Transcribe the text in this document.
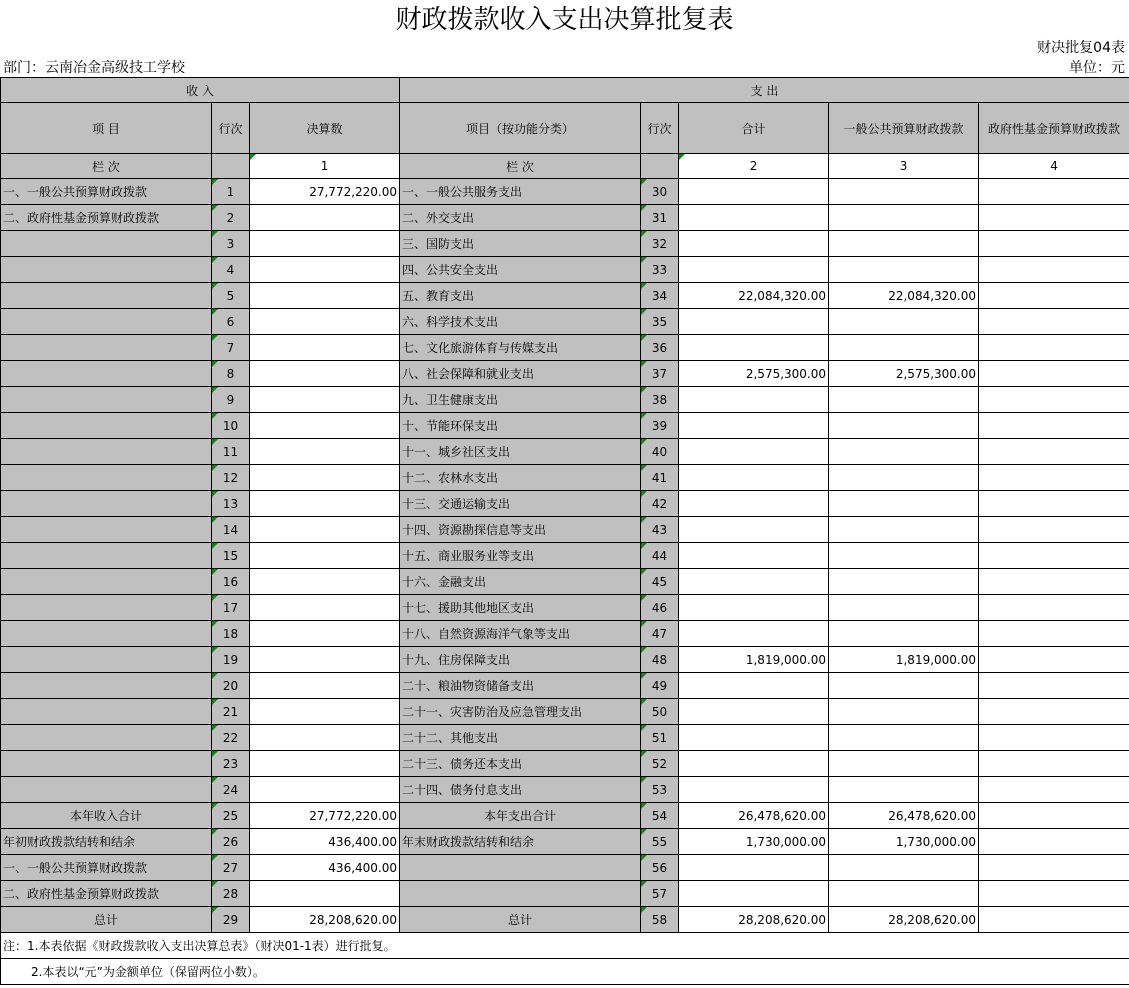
财政拨款收入支出决算批复表
财决批复04表
部门：云南冶金高级技工学校	单位：元
收 入			支 出				
项 目	行次	决算数	项目（按功能分类）	行次	合计	一般公共预算财政拨款	政府性基金预算财政拨款
栏 次		1	栏 次		2	3	4
一、一般公共预算财政拨款	1	27,772,220.00	一、一般公共服务支出	30			
二、政府性基金预算财政拨款	2		二、外交支出	31			
	3		三、国防支出	32			
	4		四、公共安全支出	33			
	5		五、教育支出	34	22,084,320.00	22,084,320.00	
	6		六、科学技术支出	35			
	7		七、文化旅游体育与传媒支出	36			
	8		八、社会保障和就业支出	37	2,575,300.00	2,575,300.00	
	9		九、卫生健康支出	38			
	10		十、节能环保支出	39			
	11		十一、城乡社区支出	40			
	12		十二、农林水支出	41			
	13		十三、交通运输支出	42			
	14		十四、资源勘探信息等支出	43			
	15		十五、商业服务业等支出	44			
	16		十六、金融支出	45			
	17		十七、援助其他地区支出	46			
	18		十八、自然资源海洋气象等支出	47			
	19		十九、住房保障支出	48	1,819,000.00	1,819,000.00	
	20		二十、粮油物资储备支出	49			
	21		二十一、灾害防治及应急管理支出	50			
	22		二十二、其他支出	51			
	23		二十三、债务还本支出	52			
	24		二十四、债务付息支出	53			
本年收入合计	25	27,772,220.00	本年支出合计	54	26,478,620.00	26,478,620.00	
年初财政拨款结转和结余	26	436,400.00	年末财政拨款结转和结余	55	1,730,000.00	1,730,000.00	
一、一般公共预算财政拨款	27	436,400.00		56			
二、政府性基金预算财政拨款	28			57			
总计	29	28,208,620.00	总计	58	28,208,620.00	28,208,620.00	
注：1.本表依据《财政拨款收入支出决算总表》（财决01-1表）进行批复。							
2.本表以“元”为金额单位（保留两位小数）。							
